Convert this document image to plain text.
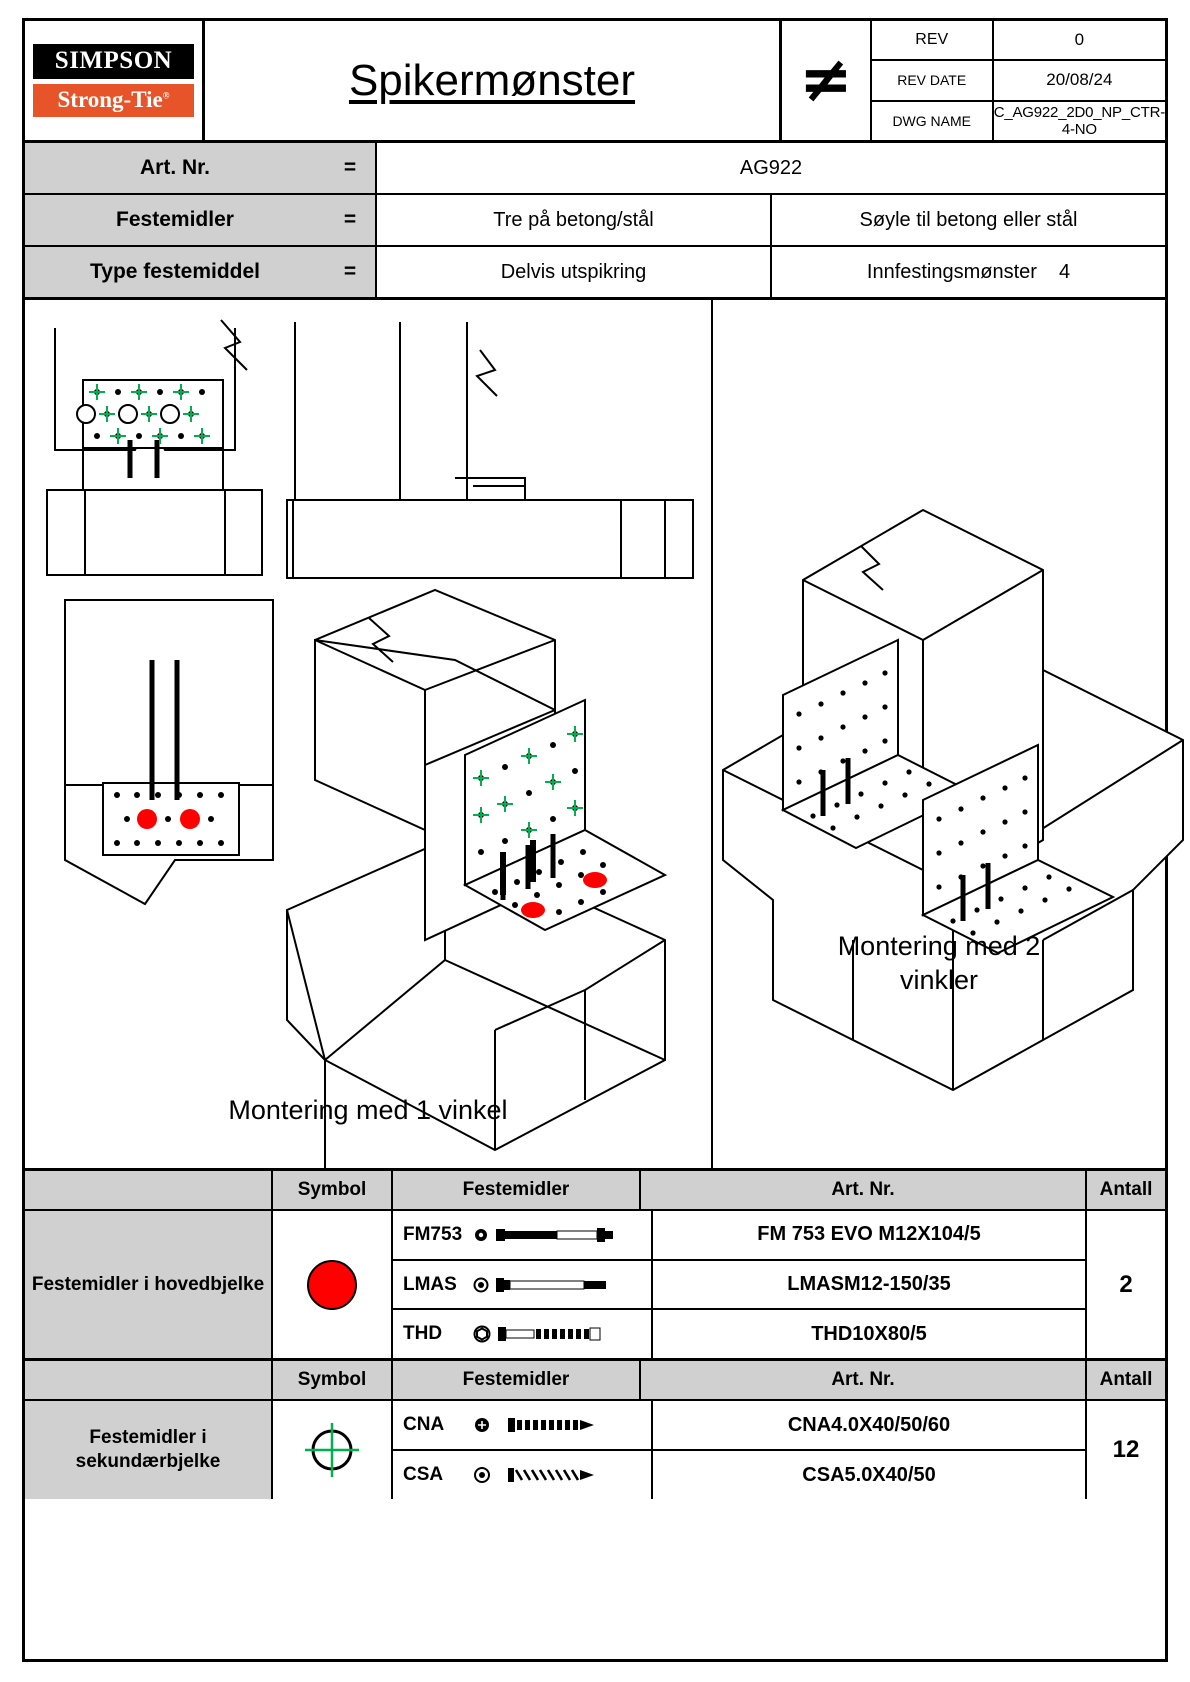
SIMPSON
Strong-Tie®	Spikermønster	≠
REV	0
REV DATE	20/08/24
DWG NAME	C_AG922_2D0_NP_CTR-4-NO
Art. Nr.	=	AG922
Festemidler	=	Tre på betong/stål	Søyle til betong eller stål
Type festemiddel	=	Delvis utspikring	Innfestingsmønster 4
Montering med 1 vinkel
Montering med 2
vinkler
Symbol	Festemidler	Art. Nr.	Antall
Festemidler i hovedbjelke
FM753	FM 753 EVO M12X104/5
LMAS	LMASM12-150/35
THD	THD10X80/5
2
Symbol	Festemidler	Art. Nr.	Antall
Festemidler i sekundærbjelke
CNA	CNA4.0X40/50/60
CSA	CSA5.0X40/50
12
